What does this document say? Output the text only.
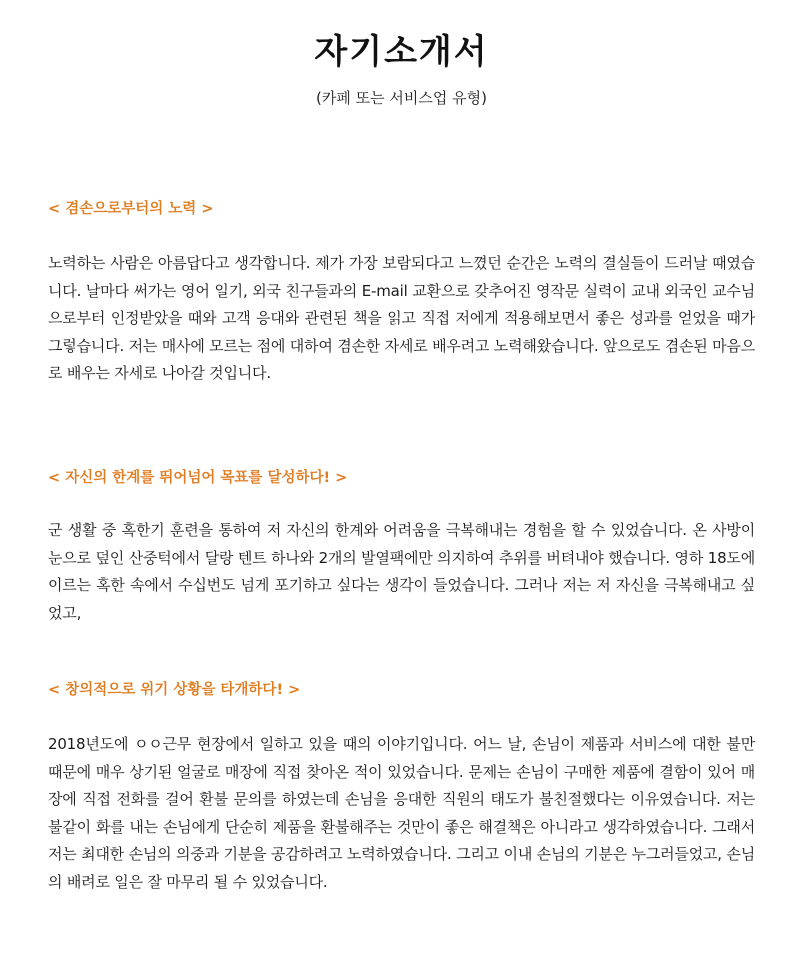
자기소개서

(카페 또는 서비스업 유형)

< 겸손으로부터의 노력 >

노력하는 사람은 아름답다고 생각합니다. 제가 가장 보람되다고 느꼈던 순간은 노력의 결실들이 드러날 때였습니다. 날마다 써가는 영어 일기, 외국 친구들과의 E-mail 교환으로 갖추어진 영작문 실력이 교내 외국인 교수님으로부터 인정받았을 때와 고객 응대와 관련된 책을 읽고 직접 저에게 적용해보면서 좋은 성과를 얻었을 때가 그렇습니다. 저는 매사에 모르는 점에 대하여 겸손한 자세로 배우려고 노력해왔습니다. 앞으로도 겸손된 마음으로 배우는 자세로 나아갈 것입니다.

< 자신의 한계를 뛰어넘어 목표를 달성하다! >

군 생활 중 혹한기 훈련을 통하여 저 자신의 한계와 어려움을 극복해내는 경험을 할 수 있었습니다. 온 사방이 눈으로 덮인 산중턱에서 달랑 텐트 하나와 2개의 발열팩에만 의지하여 추위를 버텨내야 했습니다. 영하 18도에 이르는 혹한 속에서 수십번도 넘게 포기하고 싶다는 생각이 들었습니다. 그러나 저는 저 자신을 극복해내고 싶었고,

< 창의적으로 위기 상황을 타개하다! >

2018년도에 ㅇㅇ근무 현장에서 일하고 있을 때의 이야기입니다. 어느 날, 손님이 제품과 서비스에 대한 불만 때문에 매우 상기된 얼굴로 매장에 직접 찾아온 적이 있었습니다. 문제는 손님이 구매한 제품에 결함이 있어 매장에 직접 전화를 걸어 환불 문의를 하였는데 손님을 응대한 직원의 태도가 불친절했다는 이유였습니다. 저는 불같이 화를 내는 손님에게 단순히 제품을 환불해주는 것만이 좋은 해결책은 아니라고 생각하였습니다. 그래서 저는 최대한 손님의 의중과 기분을 공감하려고 노력하였습니다. 그리고 이내 손님의 기분은 누그러들었고, 손님의 배려로 일은 잘 마무리 될 수 있었습니다.
